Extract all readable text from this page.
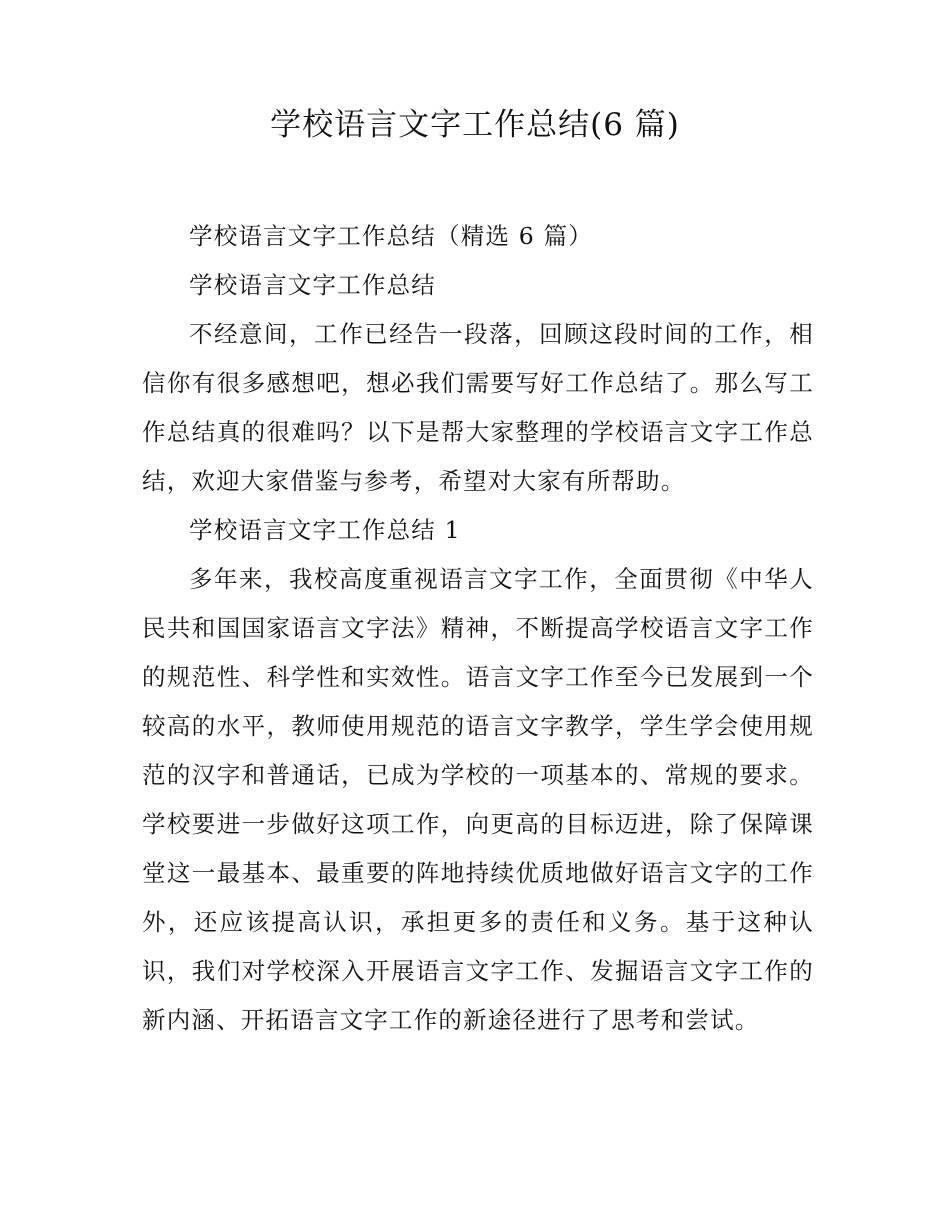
学校语言文字工作总结(6 篇)

学校语言文字工作总结（精选 6 篇）

学校语言文字工作总结

不经意间，工作已经告一段落，回顾这段时间的工作，相信你有很多感想吧，想必我们需要写好工作总结了。那么写工作总结真的很难吗？以下是帮大家整理的学校语言文字工作总结，欢迎大家借鉴与参考，希望对大家有所帮助。

学校语言文字工作总结 1

多年来，我校高度重视语言文字工作，全面贯彻《中华人民共和国国家语言文字法》精神，不断提高学校语言文字工作的规范性、科学性和实效性。语言文字工作至今已发展到一个较高的水平，教师使用规范的语言文字教学，学生学会使用规范的汉字和普通话，已成为学校的一项基本的、常规的要求。学校要进一步做好这项工作，向更高的目标迈进，除了保障课堂这一最基本、最重要的阵地持续优质地做好语言文字的工作外，还应该提高认识，承担更多的责任和义务。基于这种认识，我们对学校深入开展语言文字工作、发掘语言文字工作的新内涵、开拓语言文字工作的新途径进行了思考和尝试。
